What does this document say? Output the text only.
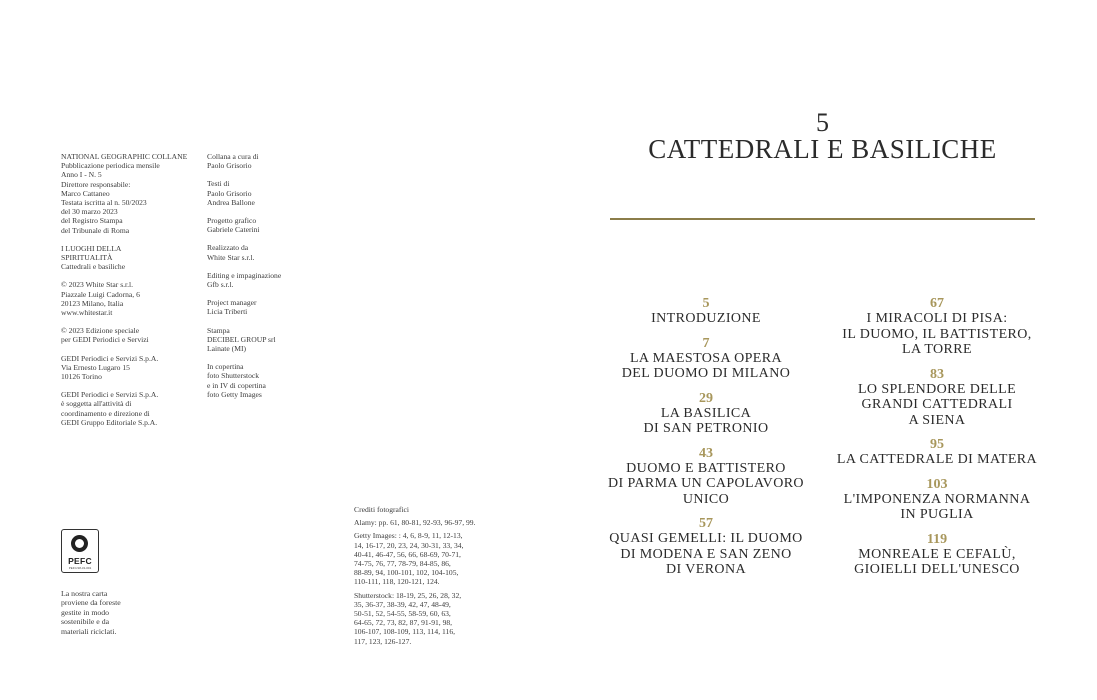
NATIONAL GEOGRAPHIC COLLANE
Pubblicazione periodica mensile
Anno I - N. 5
Direttore responsabile:
Marco Cattaneo
Testata iscritta al n. 50/2023
del 30 marzo 2023
del Registro Stampa
del Tribunale di Roma
I LUOGHI DELLA
SPIRITUALITÀ
Cattedrali e basiliche
© 2023 White Star s.r.l.
Piazzale Luigi Cadorna, 6
20123 Milano, Italia
www.whitestar.it
© 2023 Edizione speciale
per GEDI Periodici e Servizi
GEDI Periodici e Servizi S.p.A.
Via Ernesto Lugaro 15
10126 Torino
GEDI Periodici e Servizi S.p.A.
è soggetta all'attività di
coordinamento e direzione di
GEDI Gruppo Editoriale S.p.A.
Collana a cura di
Paolo Grisorio
Testi di
Paolo Grisorio
Andrea Ballone
Progetto grafico
Gabriele Caterini
Realizzato da
White Star s.r.l.
Editing e impaginazione
Gfb s.r.l.
Project manager
Licia Triberti
Stampa
DECIBEL GROUP srl
Lainate (MI)
In copertina
foto Shutterstock
e in IV di copertina
foto Getty Images
Crediti fotografici
Alamy: pp. 61, 80-81, 92-93, 96-97, 99.
Getty Images: : 4, 6, 8-9, 11, 12-13,
14, 16-17, 20, 23, 24, 30-31, 33, 34,
40-41, 46-47, 56, 66, 68-69, 70-71,
74-75, 76, 77, 78-79, 84-85, 86,
88-89, 94, 100-101, 102, 104-105,
110-111, 118, 120-121, 124.
Shutterstock: 18-19, 25, 26, 28, 32,
35, 36-37, 38-39, 42, 47, 48-49,
50-51, 52, 54-55, 58-59, 60, 63,
64-65, 72, 73, 82, 87, 91-91, 98,
106-107, 108-109, 113, 114, 116,
117, 123, 126-127.
PEFC
PEFC/18-31-001
La nostra carta
proviene da foreste
gestite in modo
sostenibile e da
materiali riciclati.
5
CATTEDRALI E BASILICHE
5
INTRODUZIONE
7
LA MAESTOSA OPERA
DEL DUOMO DI MILANO
29
LA BASILICA
DI SAN PETRONIO
43
DUOMO E BATTISTERO
DI PARMA UN CAPOLAVORO
UNICO
57
QUASI GEMELLI: IL DUOMO
DI MODENA E SAN ZENO
DI VERONA
67
I MIRACOLI DI PISA:
IL DUOMO, IL BATTISTERO,
LA TORRE
83
LO SPLENDORE DELLE
GRANDI CATTEDRALI
A SIENA
95
LA CATTEDRALE DI MATERA
103
L'IMPONENZA NORMANNA
IN PUGLIA
119
MONREALE E CEFALÙ,
GIOIELLI DELL'UNESCO
